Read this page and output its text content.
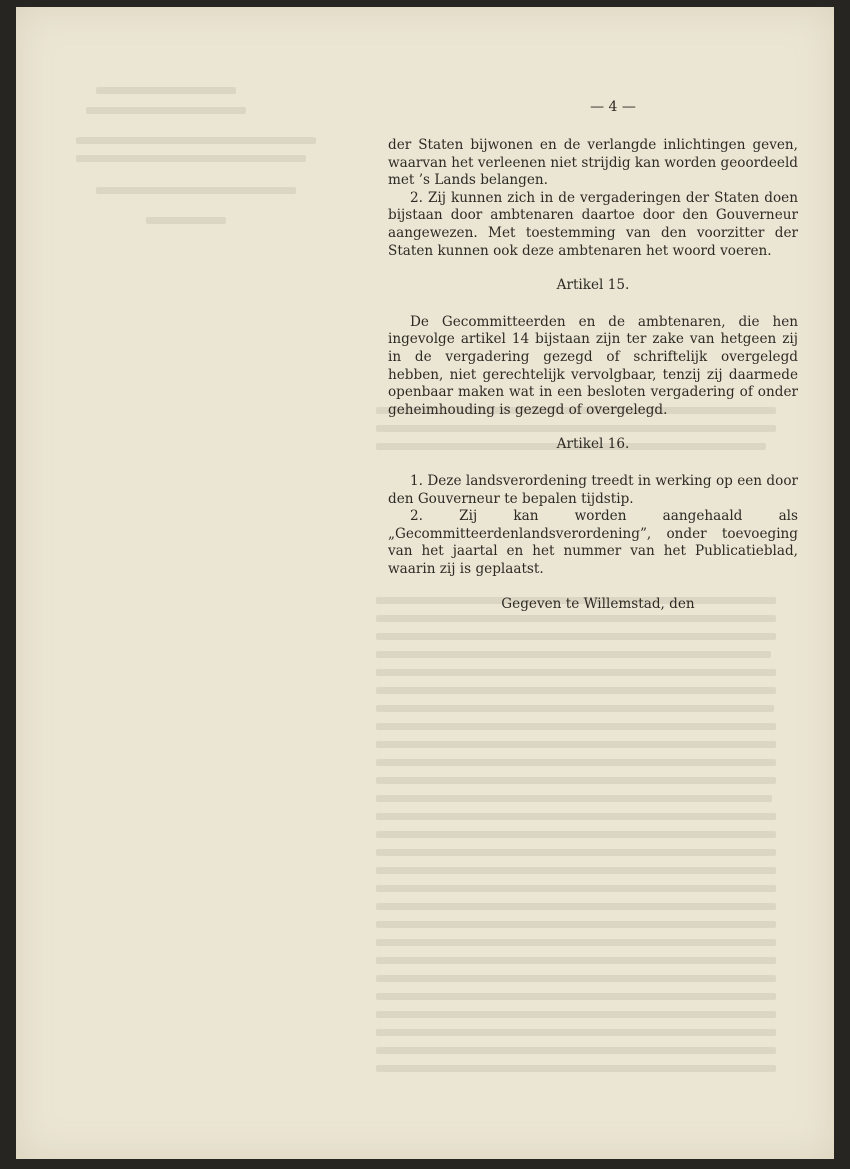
— 4 —

der Staten bijwonen en de verlangde inlichtingen geven, waarvan het verleenen niet strijdig kan worden geoordeeld met ’s Lands belangen.

2. Zij kunnen zich in de vergaderingen der Staten doen bijstaan door ambtenaren daartoe door den Gouverneur aangewezen. Met toestemming van den voorzitter der Staten kunnen ook deze ambtenaren het woord voeren.

Artikel 15.

De Gecommitteerden en de ambtenaren, die hen ingevolge artikel 14 bijstaan zijn ter zake van hetgeen zij in de vergadering gezegd of schriftelijk overgelegd hebben, niet gerechtelijk vervolgbaar, tenzij zij daarmede openbaar maken wat in een besloten vergadering of onder geheimhouding is gezegd of overgelegd.

Artikel 16.

1. Deze landsverordening treedt in werking op een door den Gouverneur te bepalen tijdstip.

2. Zij kan worden aangehaald als „Gecommitteerdenlandsverordening”, onder toevoeging van het jaartal en het nummer van het Publicatieblad, waarin zij is geplaatst.

Gegeven te Willemstad, den
